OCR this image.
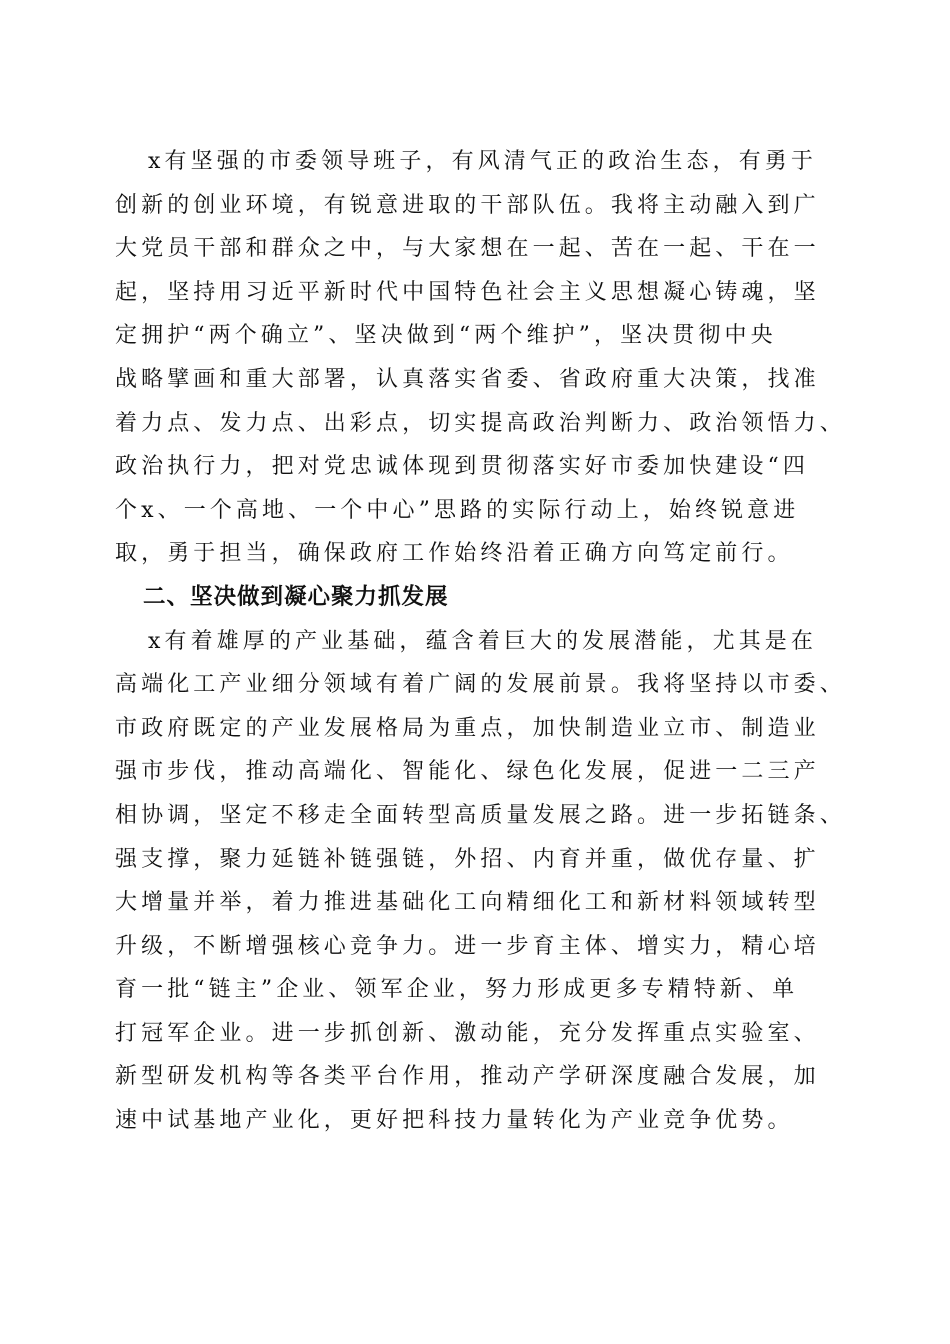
x有坚强的市委领导班子，有风清气正的政治生态，有勇于
创新的创业环境，有锐意进取的干部队伍。我将主动融入到广
大党员干部和群众之中，与大家想在一起、苦在一起、干在一
起，坚持用习近平新时代中国特色社会主义思想凝心铸魂，坚
定拥护“两个确立”、坚决做到“两个维护”，坚决贯彻中央
战略擘画和重大部署，认真落实省委、省政府重大决策，找准
着力点、发力点、出彩点，切实提高政治判断力、政治领悟力、
政治执行力，把对党忠诚体现到贯彻落实好市委加快建设“四
个x、一个高地、一个中心”思路的实际行动上，始终锐意进
取，勇于担当，确保政府工作始终沿着正确方向笃定前行。
二、坚决做到凝心聚力抓发展
x有着雄厚的产业基础，蕴含着巨大的发展潜能，尤其是在
高端化工产业细分领域有着广阔的发展前景。我将坚持以市委、
市政府既定的产业发展格局为重点，加快制造业立市、制造业
强市步伐，推动高端化、智能化、绿色化发展，促进一二三产
相协调，坚定不移走全面转型高质量发展之路。进一步拓链条、
强支撑，聚力延链补链强链，外招、内育并重，做优存量、扩
大增量并举，着力推进基础化工向精细化工和新材料领域转型
升级，不断增强核心竞争力。进一步育主体、增实力，精心培
育一批“链主”企业、领军企业，努力形成更多专精特新、单
打冠军企业。进一步抓创新、激动能，充分发挥重点实验室、
新型研发机构等各类平台作用，推动产学研深度融合发展，加
速中试基地产业化，更好把科技力量转化为产业竞争优势。
